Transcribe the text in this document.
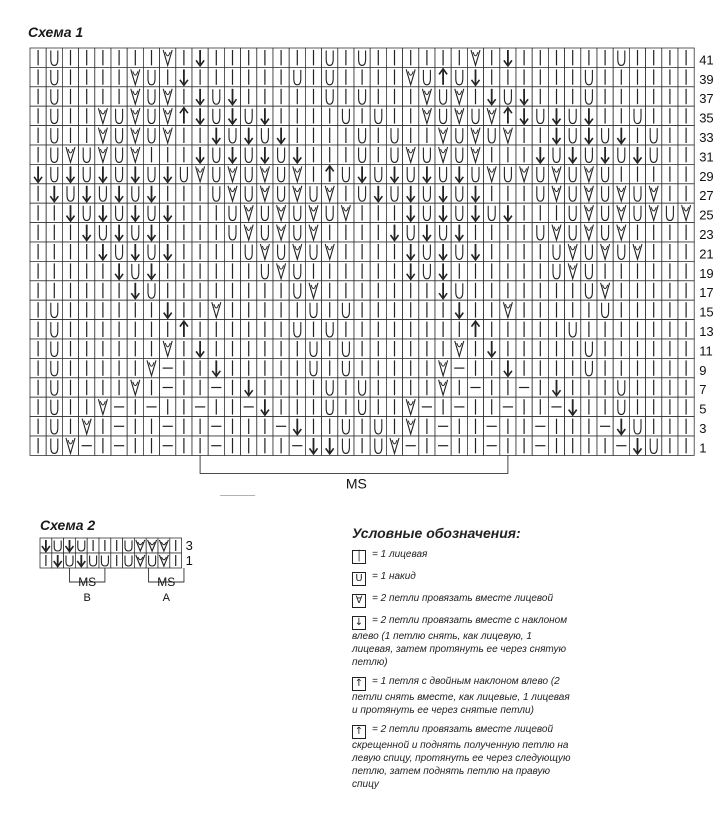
Схема 1
Схема 2
41
39
37
35
33
31
29
27
25
23
21
19
17
15
13
11
9
7
5
3
1
MS
3
1
MS
B
MS
A
Условные обозначения:
│ = 1 лицевая
U = 1 накид
∀ = 2 петли провязать вместе лицевой
↓ = 2 петли провязать вместе с наклоном влево (1 петлю снять, как лицевую, 1 лицевая, затем протянуть ее через снятую петлю)
↑ = 1 петля с двойным наклоном влево (2 петли снять вместе, как лицевые, 1 лицевая и протянуть ее через снятые петли)
↑ = 2 петли провязать вместе лицевой скрещенной и поднять полученную петлю на левую спицу, протянуть ее через следующую петлю, затем поднять петлю на правую спицу
